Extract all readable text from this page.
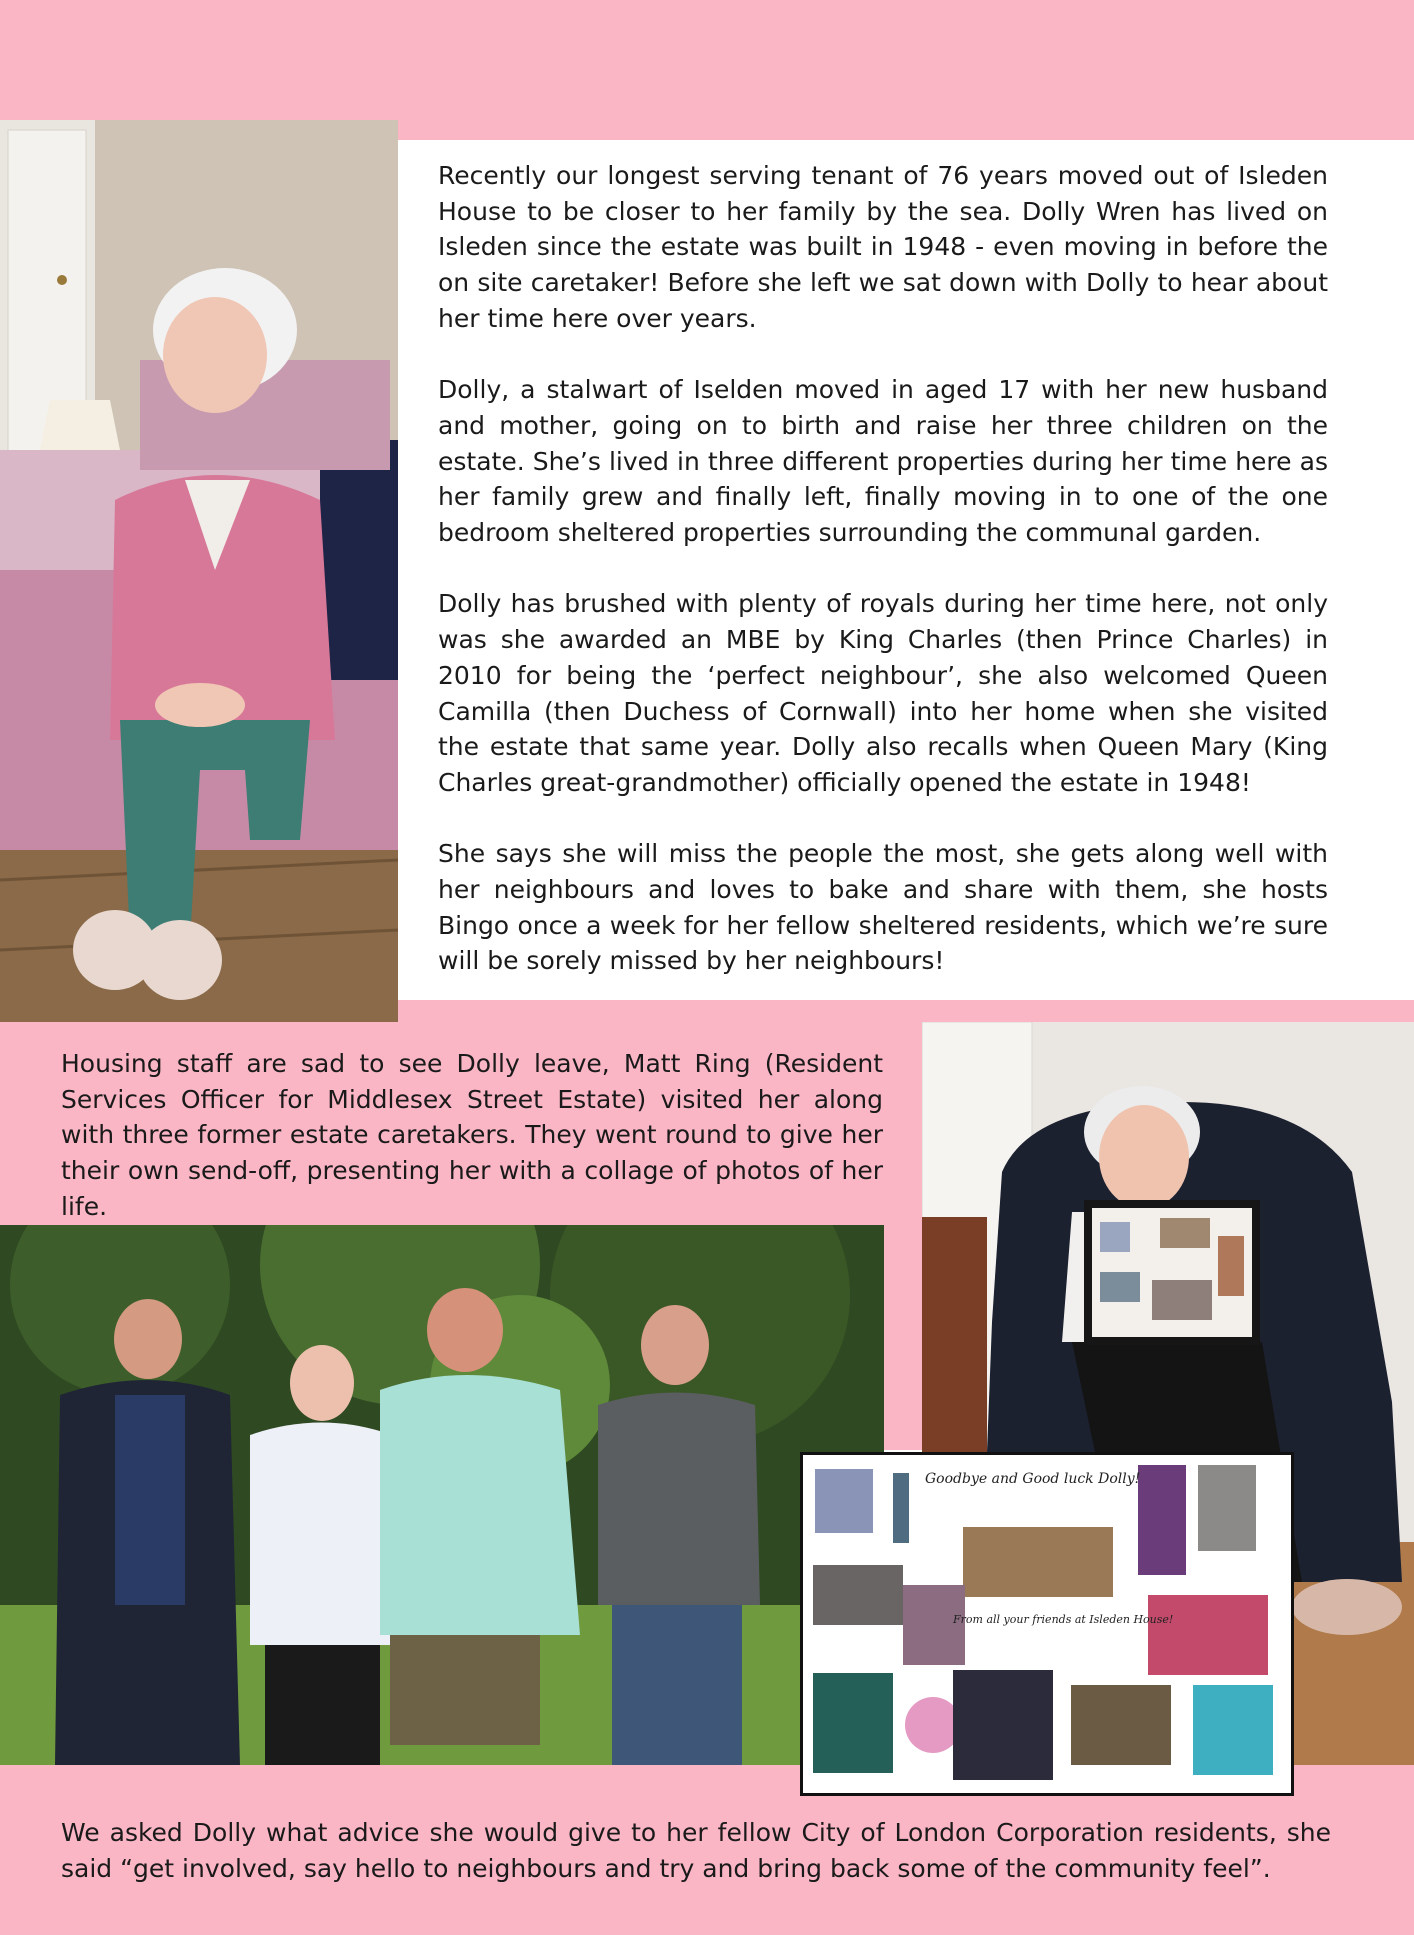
Recently our longest serving tenant of 76 years moved out of Isleden House to be closer to her family by the sea. Dolly Wren has lived on Isleden since the estate was built in 1948 - even moving in before the on site caretaker! Before she left we sat down with Dolly to hear about her time here over years.

Dolly, a stalwart of Iselden moved in aged 17 with her new husband and mother, going on to birth and raise her three children on the estate. She’s lived in three different properties during her time here as her family grew and finally left, finally moving in to one of the one bedroom sheltered properties surrounding the communal garden.

Dolly has brushed with plenty of royals during her time here, not only was she awarded an MBE by King Charles (then Prince Charles) in 2010 for being the ‘perfect neighbour’, she also welcomed Queen Camilla (then Duchess of Cornwall) into her home when she visited the estate that same year. Dolly also recalls when Queen Mary (King Charles great-grandmother) officially opened the estate in 1948!

She says she will miss the people the most, she gets along well with her neighbours and loves to bake and share with them, she hosts Bingo once a week for her fellow sheltered residents, which we’re sure will be sorely missed by her neighbours!

Housing staff are sad to see Dolly leave, Matt Ring (Resident Services Officer for Middlesex Street Estate) visited her along with three former estate caretakers. They went round to give her their own send-off, presenting her with a collage of photos of her life.
Goodbye and Good luck Dolly!
From all your friends at Isleden House!
We asked Dolly what advice she would give to her fellow City of London Corporation residents, she said “get involved, say hello to neighbours and try and bring back some of the community feel”.
